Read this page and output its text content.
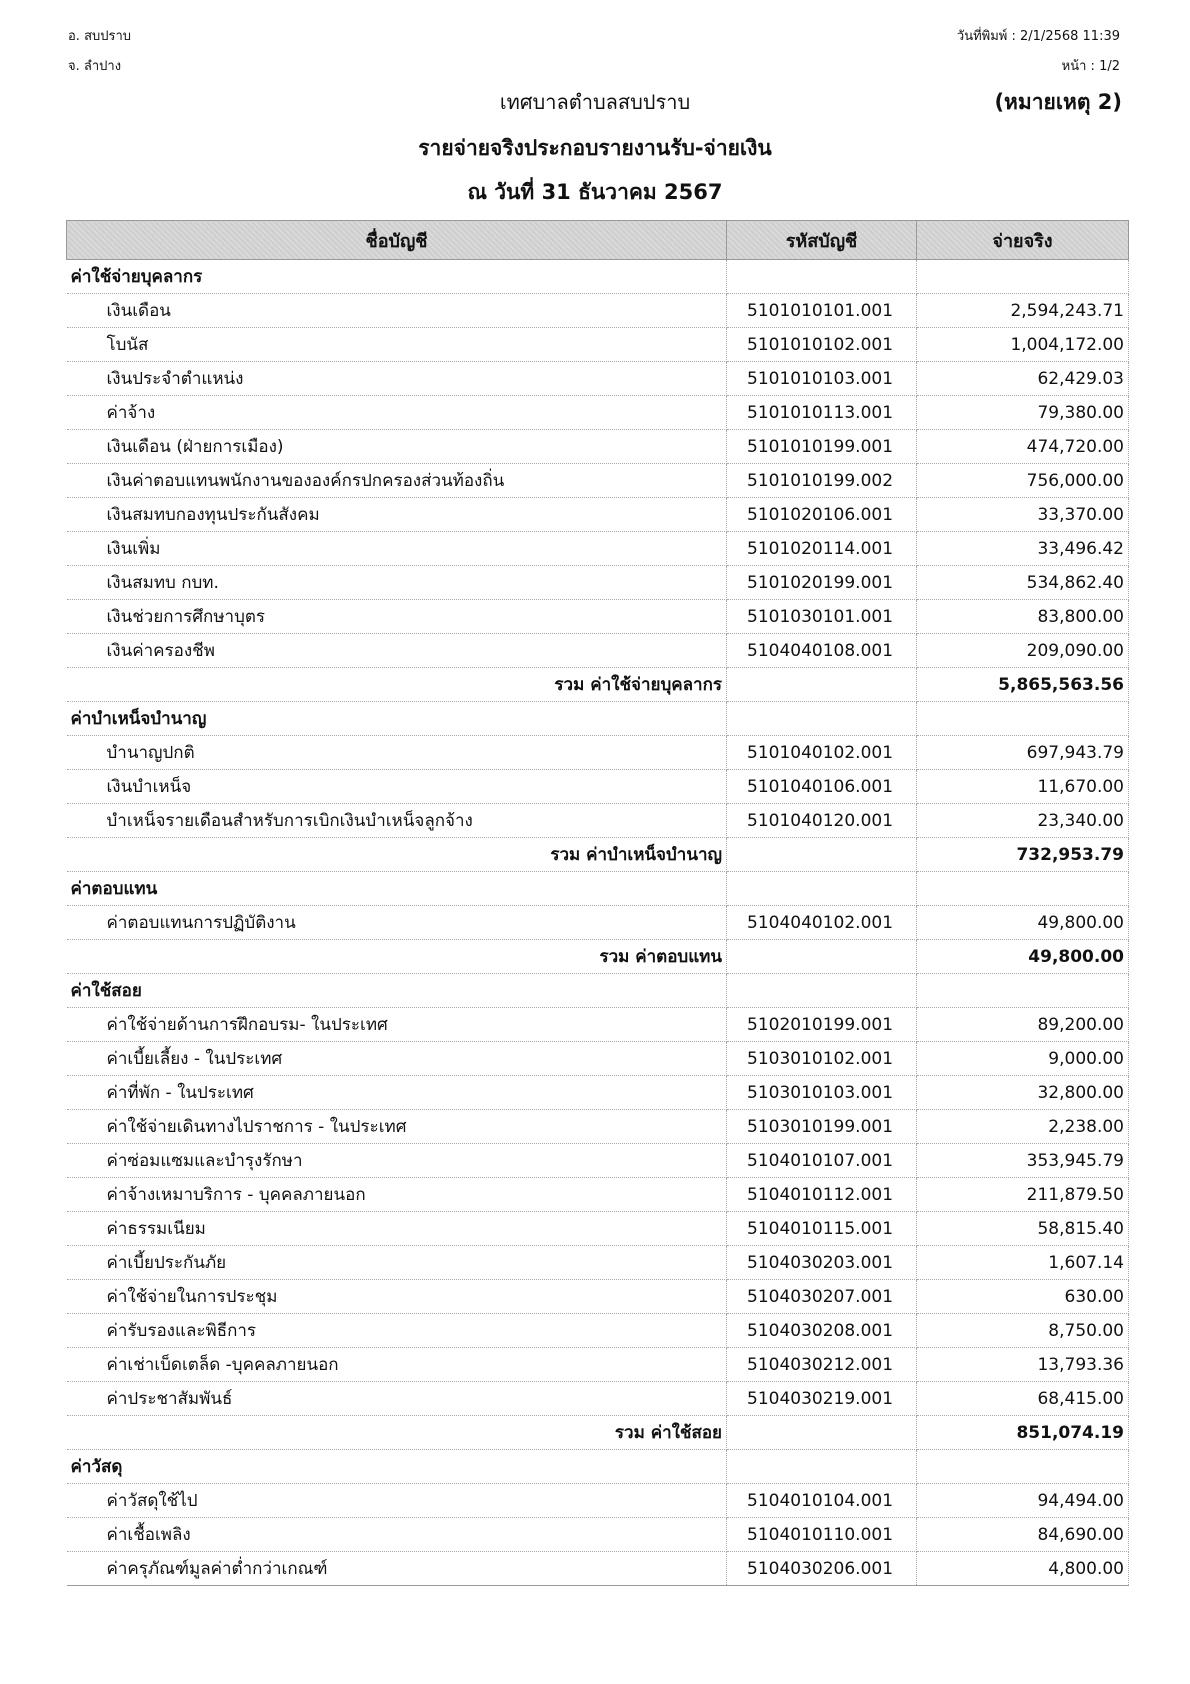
อ. สบปราบ
จ. ลำปาง
วันที่พิมพ์ : 2/1/2568 11:39
หน้า : 1/2
เทศบาลตำบลสบปราบ	(หมายเหตุ 2)
รายจ่ายจริงประกอบรายงานรับ-จ่ายเงิน
ณ วันที่ 31 ธันวาคม 2567
ชื่อบัญชี	รหัสบัญชี	จ่ายจริง
ค่าใช้จ่ายบุคลากร		
เงินเดือน	5101010101.001	2,594,243.71
โบนัส	5101010102.001	1,004,172.00
เงินประจำตำแหน่ง	5101010103.001	62,429.03
ค่าจ้าง	5101010113.001	79,380.00
เงินเดือน (ฝ่ายการเมือง)	5101010199.001	474,720.00
เงินค่าตอบแทนพนักงานขององค์กรปกครองส่วนท้องถิ่น	5101010199.002	756,000.00
เงินสมทบกองทุนประกันสังคม	5101020106.001	33,370.00
เงินเพิ่ม	5101020114.001	33,496.42
เงินสมทบ กบท.	5101020199.001	534,862.40
เงินช่วยการศึกษาบุตร	5101030101.001	83,800.00
เงินค่าครองชีพ	5104040108.001	209,090.00
รวม ค่าใช้จ่ายบุคลากร		5,865,563.56
ค่าบำเหน็จบำนาญ		
บำนาญปกติ	5101040102.001	697,943.79
เงินบำเหน็จ	5101040106.001	11,670.00
บำเหน็จรายเดือนสำหรับการเบิกเงินบำเหน็จลูกจ้าง	5101040120.001	23,340.00
รวม ค่าบำเหน็จบำนาญ		732,953.79
ค่าตอบแทน		
ค่าตอบแทนการปฏิบัติงาน	5104040102.001	49,800.00
รวม ค่าตอบแทน		49,800.00
ค่าใช้สอย		
ค่าใช้จ่ายด้านการฝึกอบรม- ในประเทศ	5102010199.001	89,200.00
ค่าเบี้ยเลี้ยง - ในประเทศ	5103010102.001	9,000.00
ค่าที่พัก - ในประเทศ	5103010103.001	32,800.00
ค่าใช้จ่ายเดินทางไปราชการ - ในประเทศ	5103010199.001	2,238.00
ค่าซ่อมแซมและบำรุงรักษา	5104010107.001	353,945.79
ค่าจ้างเหมาบริการ - บุคคลภายนอก	5104010112.001	211,879.50
ค่าธรรมเนียม	5104010115.001	58,815.40
ค่าเบี้ยประกันภัย	5104030203.001	1,607.14
ค่าใช้จ่ายในการประชุม	5104030207.001	630.00
ค่ารับรองและพิธีการ	5104030208.001	8,750.00
ค่าเช่าเบ็ดเตล็ด -บุคคลภายนอก	5104030212.001	13,793.36
ค่าประชาสัมพันธ์	5104030219.001	68,415.00
รวม ค่าใช้สอย		851,074.19
ค่าวัสดุ		
ค่าวัสดุใช้ไป	5104010104.001	94,494.00
ค่าเชื้อเพลิง	5104010110.001	84,690.00
ค่าครุภัณฑ์มูลค่าต่ำกว่าเกณฑ์	5104030206.001	4,800.00
